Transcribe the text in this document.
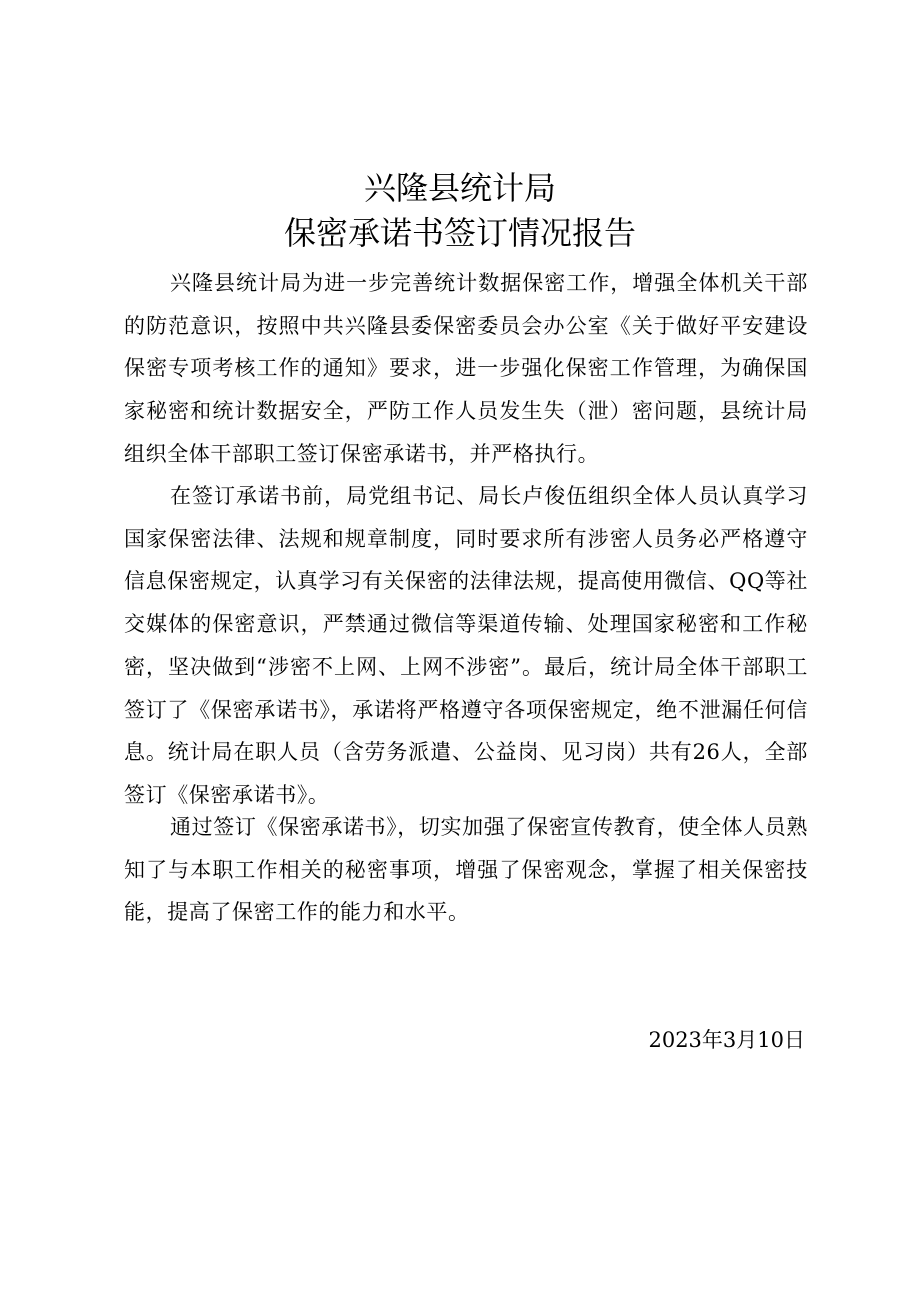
兴隆县统计局
保密承诺书签订情况报告

兴隆县统计局为进一步完善统计数据保密工作，增强全体机关干部的防范意识，按照中共兴隆县委保密委员会办公室《关于做好平安建设保密专项考核工作的通知》要求，进一步强化保密工作管理，为确保国家秘密和统计数据安全，严防工作人员发生失（泄）密问题，县统计局组织全体干部职工签订保密承诺书，并严格执行。

在签订承诺书前，局党组书记、局长卢俊伍组织全体人员认真学习国家保密法律、法规和规章制度，同时要求所有涉密人员务必严格遵守信息保密规定，认真学习有关保密的法律法规，提高使用微信、QQ等社交媒体的保密意识，严禁通过微信等渠道传输、处理国家秘密和工作秘密，坚决做到“涉密不上网、上网不涉密”。最后，统计局全体干部职工签订了《保密承诺书》，承诺将严格遵守各项保密规定，绝不泄漏任何信息。统计局在职人员（含劳务派遣、公益岗、见习岗）共有26人，全部签订《保密承诺书》。

通过签订《保密承诺书》，切实加强了保密宣传教育，使全体人员熟知了与本职工作相关的秘密事项，增强了保密观念，掌握了相关保密技能，提高了保密工作的能力和水平。

2023年3月10日
